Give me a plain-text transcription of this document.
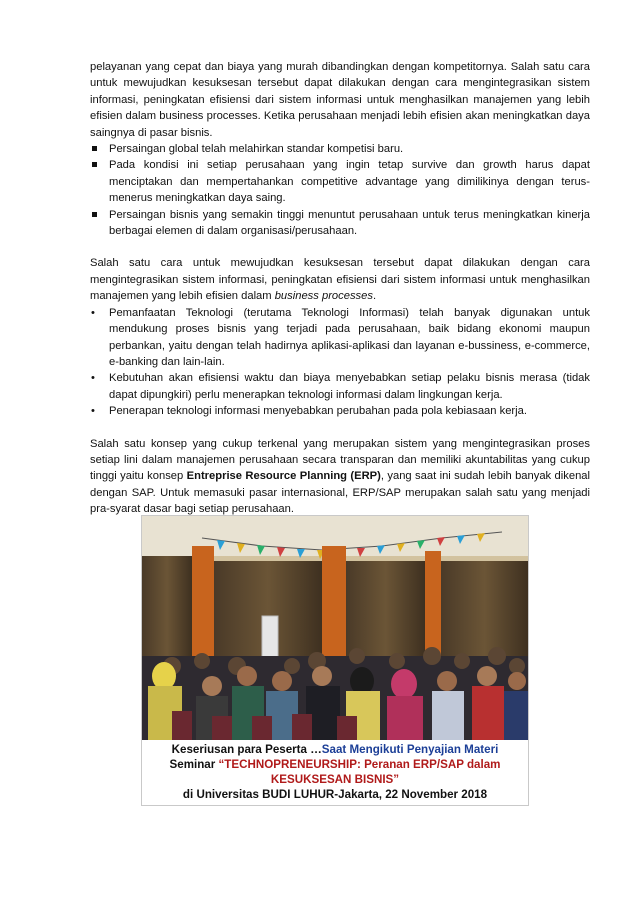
pelayanan yang cepat dan biaya yang murah dibandingkan dengan kompetitornya. Salah satu cara untuk mewujudkan kesuksesan tersebut dapat dilakukan dengan cara mengintegrasikan sistem informasi, peningkatan efisiensi dari sistem informasi untuk menghasilkan manajemen yang lebih efisien dalam business processes. Ketika perusahaan menjadi lebih efisien akan meningkatkan daya saingnya di pasar bisnis.

Persaingan global telah melahirkan standar kompetisi baru.
Pada kondisi ini setiap perusahaan yang ingin tetap survive dan growth harus dapat menciptakan dan mempertahankan competitive advantage yang dimilikinya dengan terus-menerus meningkatkan daya saing.
Persaingan bisnis yang semakin tinggi menuntut perusahaan untuk terus meningkatkan kinerja berbagai elemen di dalam organisasi/perusahaan.

Salah satu cara untuk mewujudkan kesuksesan tersebut dapat dilakukan dengan cara mengintegrasikan sistem informasi, peningkatan efisiensi dari sistem informasi untuk menghasilkan manajemen yang lebih efisien dalam business processes.

• Pemanfaatan Teknologi (terutama Teknologi Informasi) telah banyak digunakan untuk mendukung proses bisnis yang terjadi pada perusahaan, baik bidang ekonomi maupun perbankan, yaitu dengan telah hadirnya aplikasi-aplikasi dan layanan e-bussiness, e-commerce, e-banking dan lain-lain.
• Kebutuhan akan efisiensi waktu dan biaya menyebabkan setiap pelaku bisnis merasa (tidak dapat dipungkiri) perlu menerapkan teknologi informasi dalam lingkungan kerja.
• Penerapan teknologi informasi menyebabkan perubahan pada pola kebiasaan kerja.

Salah satu konsep yang cukup terkenal yang merupakan sistem yang mengintegrasikan proses setiap lini dalam manajemen perusahaan secara transparan dan memiliki akuntabilitas yang cukup tinggi yaitu konsep Entreprise Resource Planning (ERP), yang saat ini sudah lebih banyak dikenal dengan SAP. Untuk memasuki pasar internasional, ERP/SAP merupakan salah satu yang menjadi pra-syarat dasar bagi setiap perusahaan.

Keseriusan para Peserta …Saat Mengikuti Penyajian Materi
Seminar “TECHNOPRENEURSHIP: Peranan ERP/SAP dalam
KESUKSESAN BISNIS”
di Universitas BUDI LUHUR-Jakarta, 22 November 2018
